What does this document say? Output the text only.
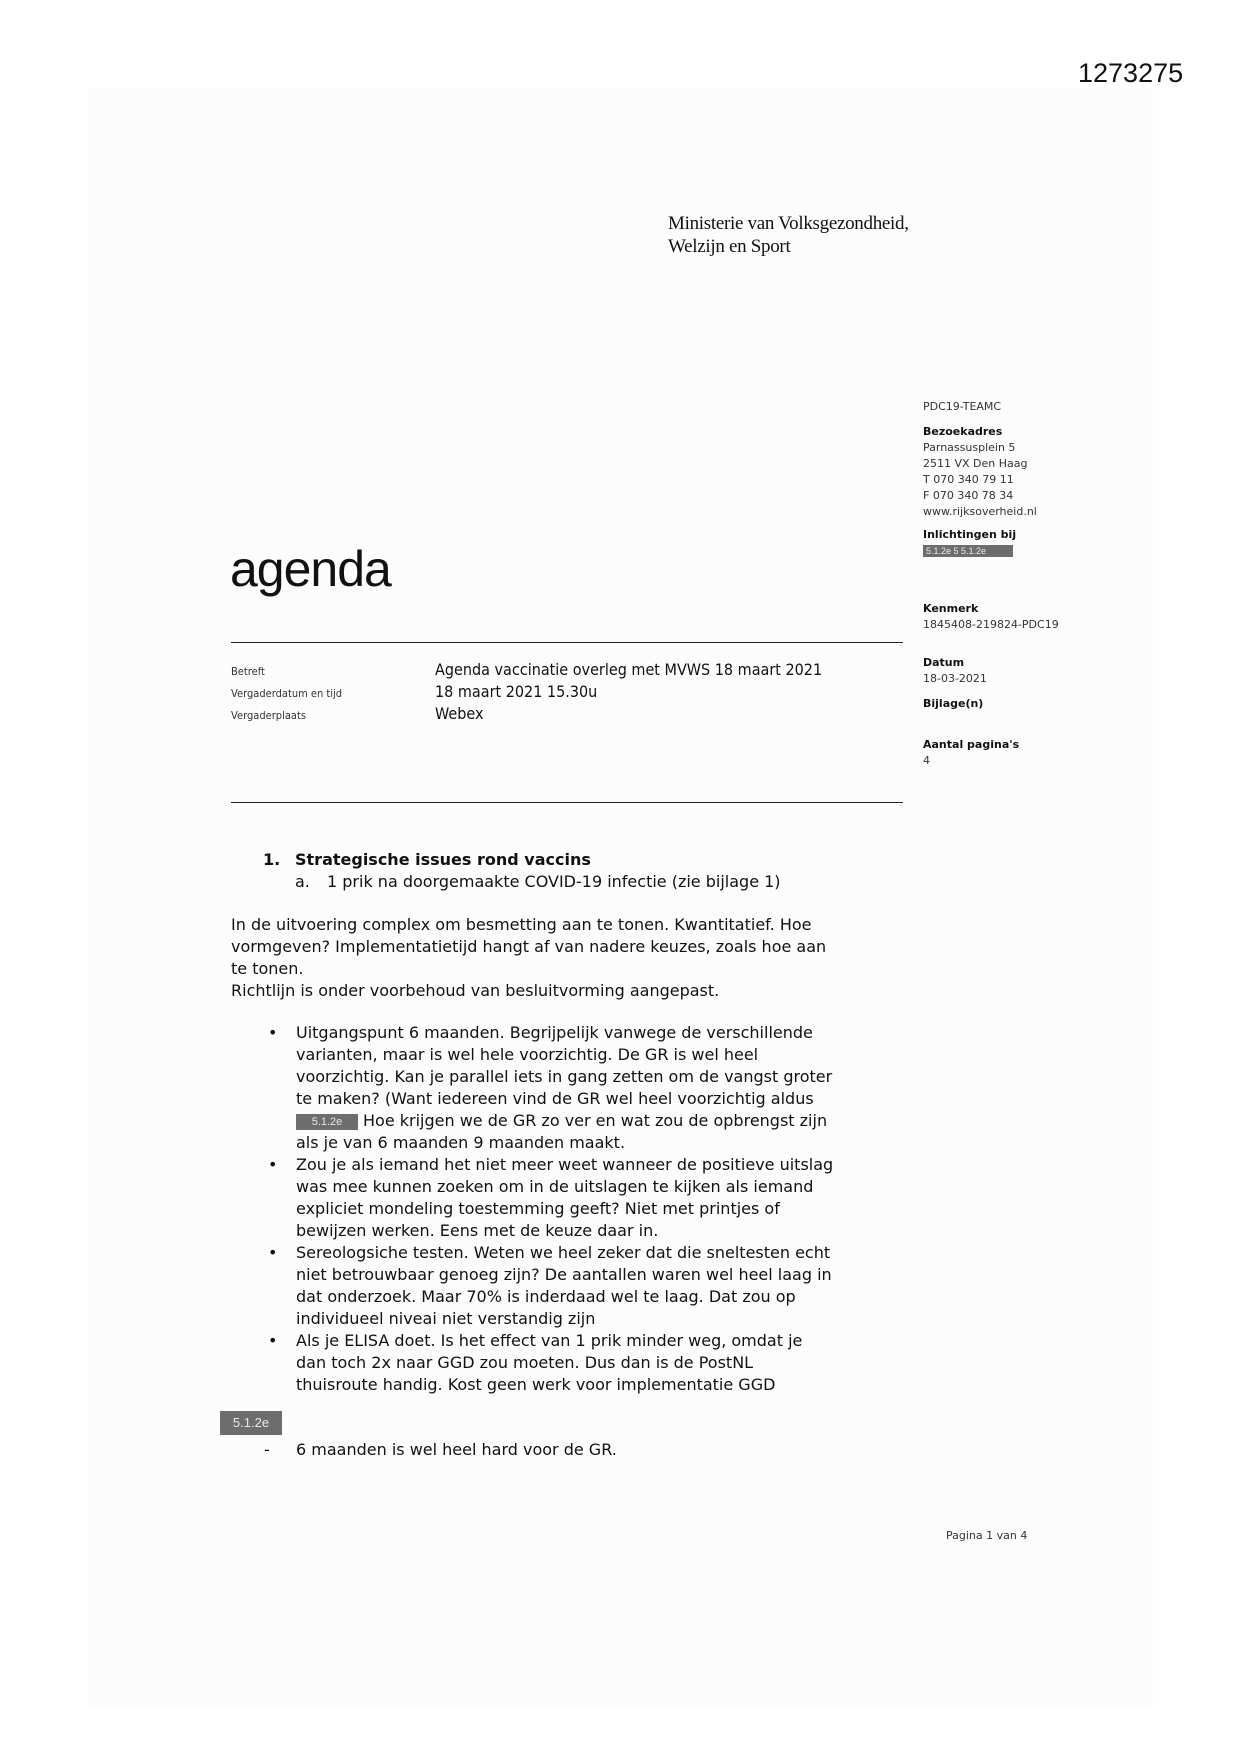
1273275
Ministerie van Volksgezondheid,
Welzijn en Sport
agenda
Betreft	Agenda vaccinatie overleg met MVWS 18 maart 2021
Vergaderdatum en tijd	18 maart 2021 15.30u
Vergaderplaats	Webex
PDC19-TEAMC
Bezoekadres
Parnassusplein 5
2511 VX Den Haag
T 070 340 79 11
F 070 340 78 34
www.rijksoverheid.nl
Inlichtingen bij
5.1.2e 5 5.1.2e
Kenmerk
1845408-219824-PDC19
Datum
18-03-2021
Bijlage(n)
Aantal pagina's
4
1. Strategische issues rond vaccins
a. 1 prik na doorgemaakte COVID-19 infectie (zie bijlage 1)
In de uitvoering complex om besmetting aan te tonen. Kwantitatief. Hoe
vormgeven? Implementatietijd hangt af van nadere keuzes, zoals hoe aan
te tonen.
Richtlijn is onder voorbehoud van besluitvorming aangepast.
• Uitgangspunt 6 maanden. Begrijpelijk vanwege de verschillende
varianten, maar is wel hele voorzichtig. De GR is wel heel
voorzichtig. Kan je parallel iets in gang zetten om de vangst groter
te maken? (Want iedereen vind de GR wel heel voorzichtig aldus
5.1.2e Hoe krijgen we de GR zo ver en wat zou de opbrengst zijn
als je van 6 maanden 9 maanden maakt.
• Zou je als iemand het niet meer weet wanneer de positieve uitslag
was mee kunnen zoeken om in de uitslagen te kijken als iemand
expliciet mondeling toestemming geeft? Niet met printjes of
bewijzen werken. Eens met de keuze daar in.
• Sereologsiche testen. Weten we heel zeker dat die sneltesten echt
niet betrouwbaar genoeg zijn? De aantallen waren wel heel laag in
dat onderzoek. Maar 70% is inderdaad wel te laag. Dat zou op
individueel niveai niet verstandig zijn
• Als je ELISA doet. Is het effect van 1 prik minder weg, omdat je
dan toch 2x naar GGD zou moeten. Dus dan is de PostNL
thuisroute handig. Kost geen werk voor implementatie GGD
5.1.2e
- 6 maanden is wel heel hard voor de GR.
Pagina 1 van 4
